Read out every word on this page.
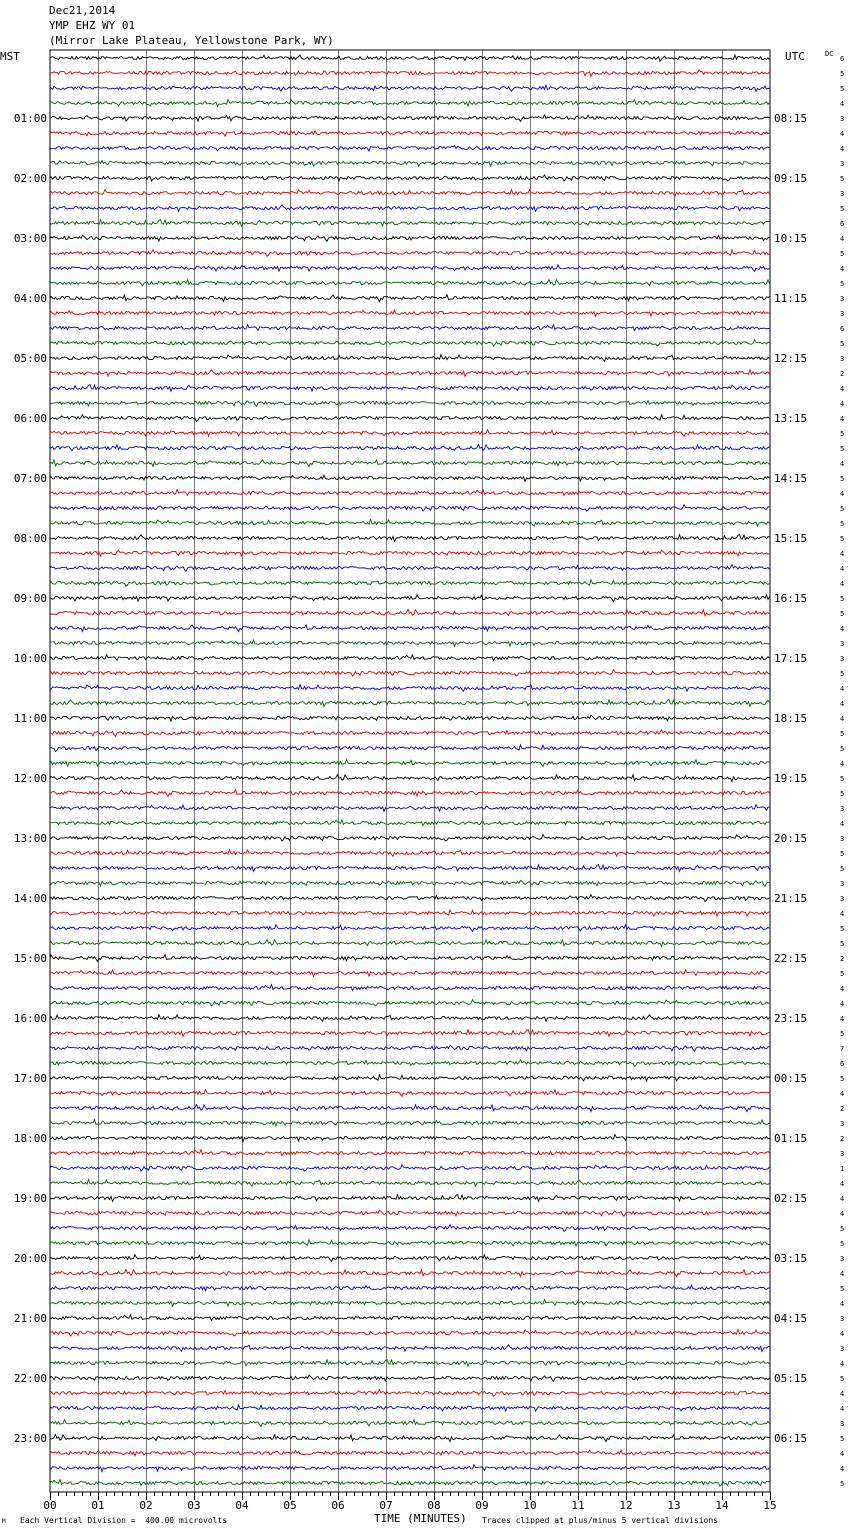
Dec21,2014
YMP EHZ WY 01
(Mirror Lake Plateau, Yellowstone Park, WY)
MST	UTC	DC
6
5
5
4
3
4
4
3
5
3
5
6
4
5
4
5
3
3
6
5
3
2
4
4
4
5
5
4
5
4
5
5
5
4
4
4
5
5
4
3
3
5
4
4
4
5
5
4
5
5
3
4
3
5
5
3
3
4
5
5
2
5
4
4
4
5
7
6
5
4
2
3
2
3
1
4
4
4
5
5
3
4
5
4
3
4
3
4
5
4
4
3
5
4
4
5
01:00
02:00
03:00
04:00
05:00
06:00
07:00
08:00
09:00
10:00
11:00
12:00
13:00
14:00
15:00
16:00
17:00
18:00
19:00
20:00
21:00
22:00
23:00
08:15
09:15
10:15
11:15
12:15
13:15
14:15
15:15
16:15
17:15
18:15
19:15
20:15
21:15
22:15
23:15
00:15
01:15
02:15
03:15
04:15
05:15
06:15
00	01	02	03	04	05	06	07	08	09	10	11	12	13	14	15
M Each Vertical Division =  400.00 microvolts	TIME (MINUTES) Traces clipped at plus/minus 5 vertical divisions
